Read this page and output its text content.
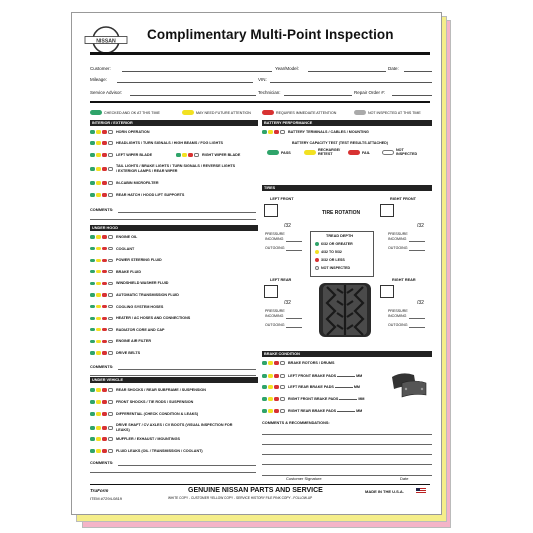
NISSAN Complimentary Multi-Point Inspection
Customer:	Year/Model:	Date:
Mileage:	VIN:
Service Advisor:	Technician:	Repair Order #:
CHECKED AND OK AT THIS TIME	MAY NEED FUTURE ATTENTION	REQUIRES IMMEDIATE ATTENTION	NOT INSPECTED AT THIS TIME
INTERIOR / EXTERIOR
COMMENTS:
UNDER HOOD
COMMENTS:
UNDER VEHICLE
COMMENTS:
BATTERY PERFORMANCE
BATTERY TERMINALS / CABLES / MOUNTING
BATTERY CAPACITY TEST (TEST RESULTS ATTACHED)
PASS
RECHARGE/ RETEST	FAIL
NOT INSPECTED
TIRES
LEFT FRONT	RIGHT FRONT
TIRE ROTATION
/32	/32
PRESSURE
INCOMING
OUTGOING
PRESSURE
INCOMING
OUTGOING
TREAD DEPTH
6/32 OR GREATER
4/32 TO 5/32
3/32 OR LESS
NOT INSPECTED
LEFT REAR	RIGHT REAR
/32	/32
PRESSURE
INCOMING
OUTGOING
PRESSURE
INCOMING
OUTGOING
BRAKE CONDITION
COMMENTS & RECOMMENDATIONS:
Customer Signature	Date
TruForm
ITEM #7294-0819
GENUINE NISSAN PARTS AND SERVICE	MADE IN THE U.S.A.
WHITE COPY - CUSTOMER YELLOW COPY - SERVICE HISTORY FILE PINK COPY - FOLLOW-UP
HORN OPERATION
HEADLIGHTS / TURN SIGNALS / HIGH BEAMS / FOG LIGHTS
LEFT WIPER BLADE	RIGHT WIPER BLADE
TAIL LIGHTS / BRAKE LIGHTS / TURN SIGNALS / REVERSE LIGHTS / EXTERIOR LAMPS / REAR WIPER
IN-CABIN MICROFILTER
REAR HATCH / HOOD LIFT SUPPORTS
ENGINE OIL
COOLANT
POWER STEERING FLUID
BRAKE FLUID
WINDSHIELD WASHER FLUID
AUTOMATIC TRANSMISSION FLUID
COOLING SYSTEM HOSES
HEATER / AC HOSES AND CONNECTIONS
RADIATOR CORE AND CAP
ENGINE AIR FILTER
DRIVE BELTS
REAR SHOCKS / REAR SUBFRAME / SUSPENSION
FRONT SHOCKS / TIE RODS / SUSPENSION
DIFFERENTIAL (CHECK CONDITION & LEAKS)
DRIVE SHAFT / CV AXLES / CV BOOTS (VISUAL INSPECTION FOR LEAKS)
MUFFLER / EXHAUST / MOUNTINGS
FLUID LEAKS (OIL / TRANSMISSION / COOLANT)
BRAKE ROTORS / DRUMS
LEFT FRONT BRAKE PADS	MM
LEFT REAR BRAKE PADS	MM
RIGHT FRONT BRAKE PADS	MM
RIGHT REAR BRAKE PADS	MM
